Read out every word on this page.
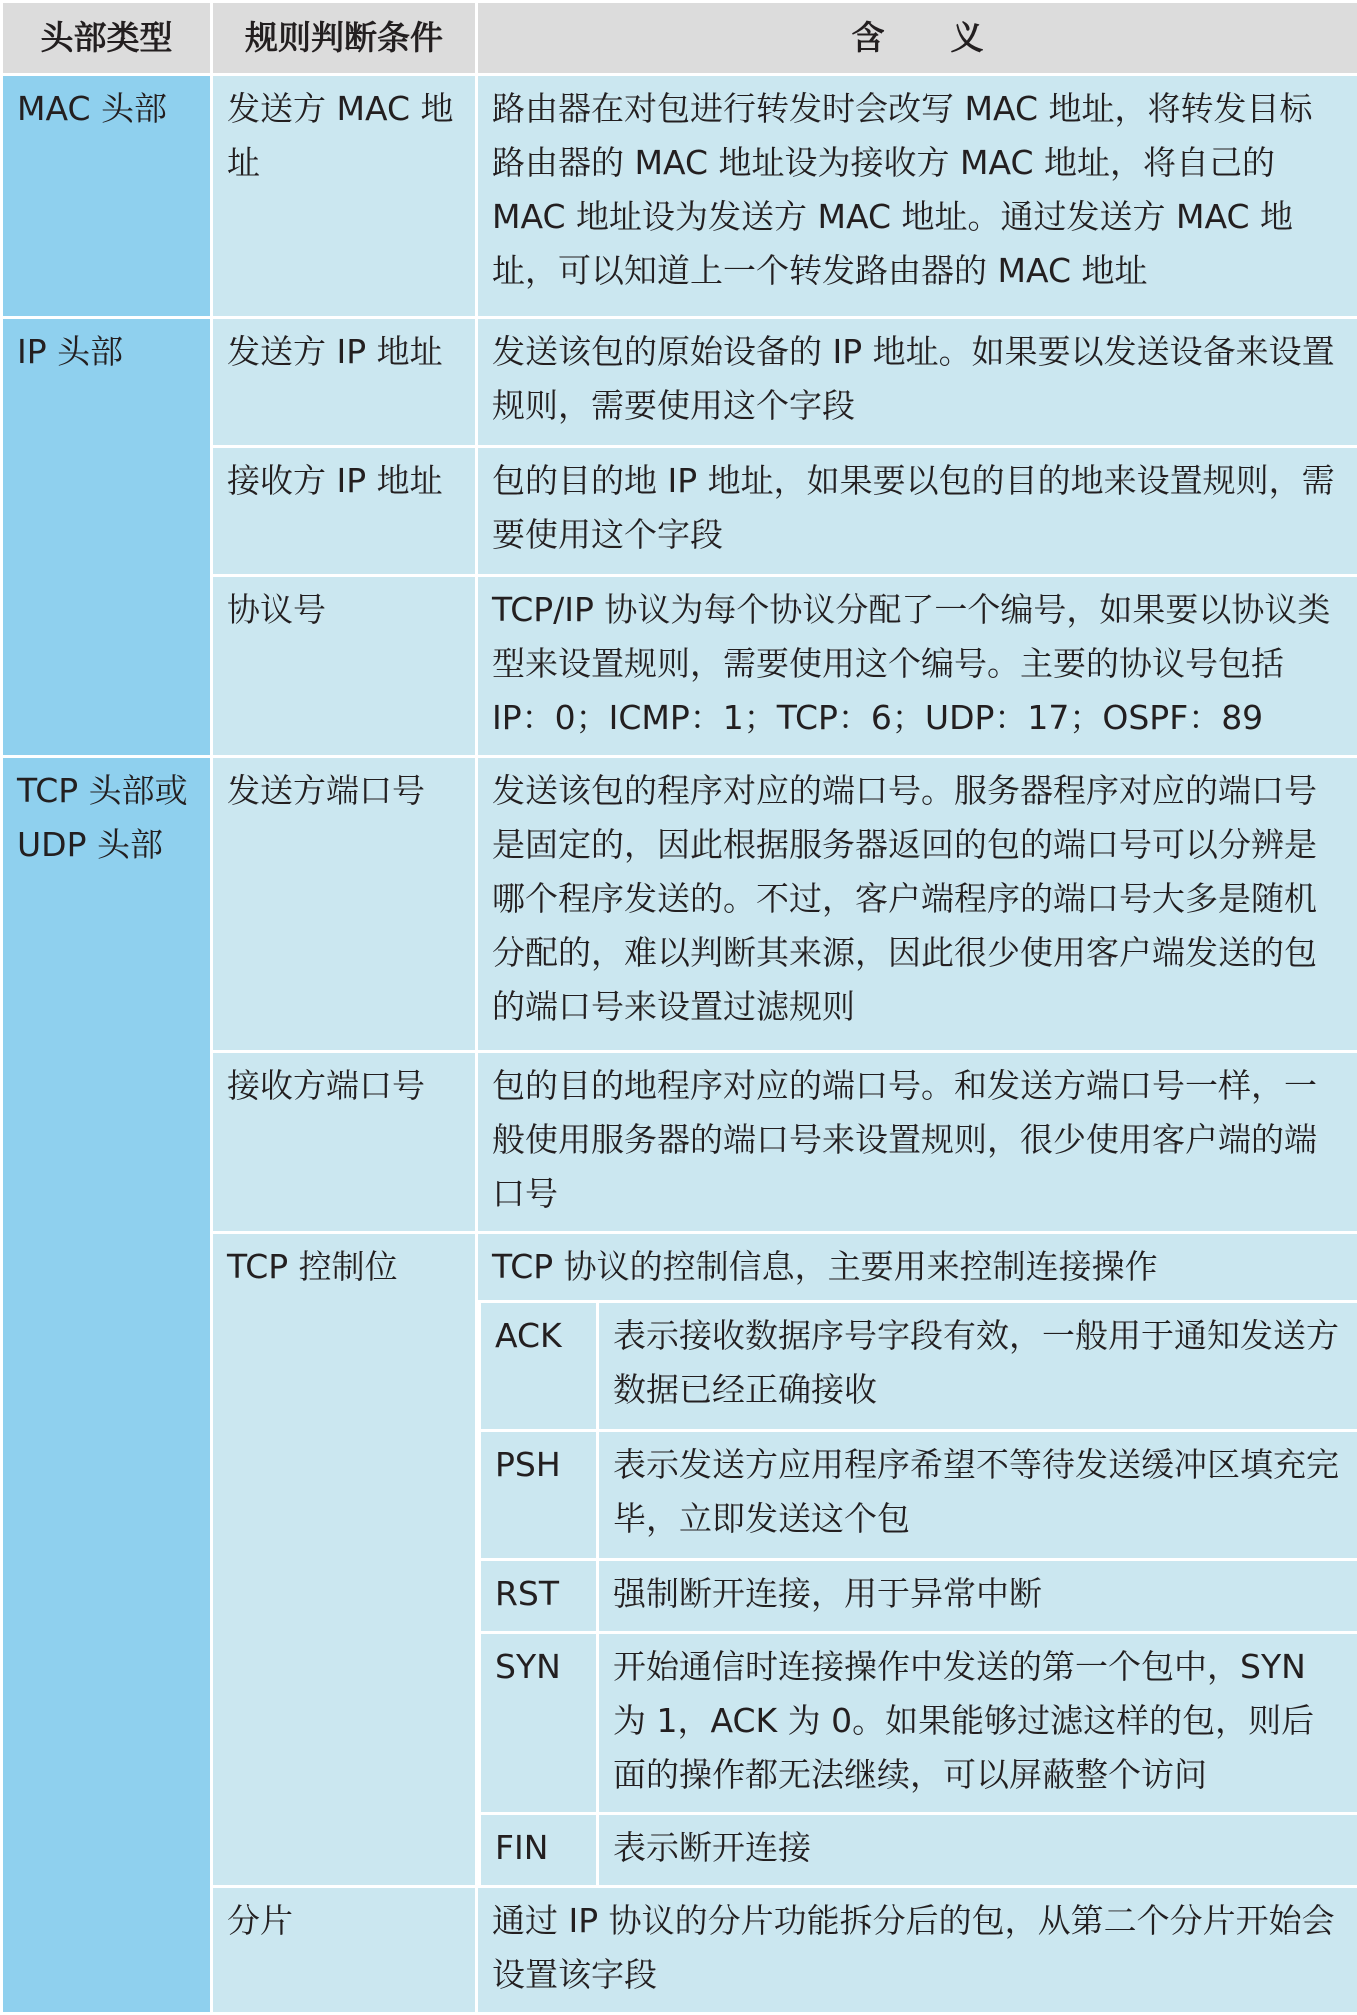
头部类型	规则判断条件	含　　义
MAC 头部	发送方 MAC 地址	路由器在对包进行转发时会改写 MAC 地址，将转发目标路由器的 MAC 地址设为接收方 MAC 地址，将自己的 MAC 地址设为发送方 MAC 地址。通过发送方 MAC 地址，可以知道上一个转发路由器的 MAC 地址
IP 头部	发送方 IP 地址	发送该包的原始设备的 IP 地址。如果要以发送设备来设置规则，需要使用这个字段
接收方 IP 地址	包的目的地 IP 地址，如果要以包的目的地来设置规则，需要使用这个字段
协议号	TCP/IP 协议为每个协议分配了一个编号，如果要以协议类型来设置规则，需要使用这个编号。主要的协议号包括 IP：0；ICMP：1；TCP：6；UDP：17；OSPF：89
TCP 头部或 UDP 头部	发送方端口号	发送该包的程序对应的端口号。服务器程序对应的端口号是固定的，因此根据服务器返回的包的端口号可以分辨是哪个程序发送的。不过，客户端程序的端口号大多是随机分配的，难以判断其来源，因此很少使用客户端发送的包的端口号来设置过滤规则
接收方端口号	包的目的地程序对应的端口号。和发送方端口号一样，一般使用服务器的端口号来设置规则，很少使用客户端的端口号
TCP 控制位	TCP 协议的控制信息，主要用来控制连接操作
ACK	表示接收数据序号字段有效，一般用于通知发送方数据已经正确接收
PSH	表示发送方应用程序希望不等待发送缓冲区填充完毕，立即发送这个包
RST	强制断开连接，用于异常中断
SYN	开始通信时连接操作中发送的第一个包中，SYN 为 1，ACK 为 0。如果能够过滤这样的包，则后面的操作都无法继续，可以屏蔽整个访问
FIN	表示断开连接

分片	通过 IP 协议的分片功能拆分后的包，从第二个分片开始会设置该字段
